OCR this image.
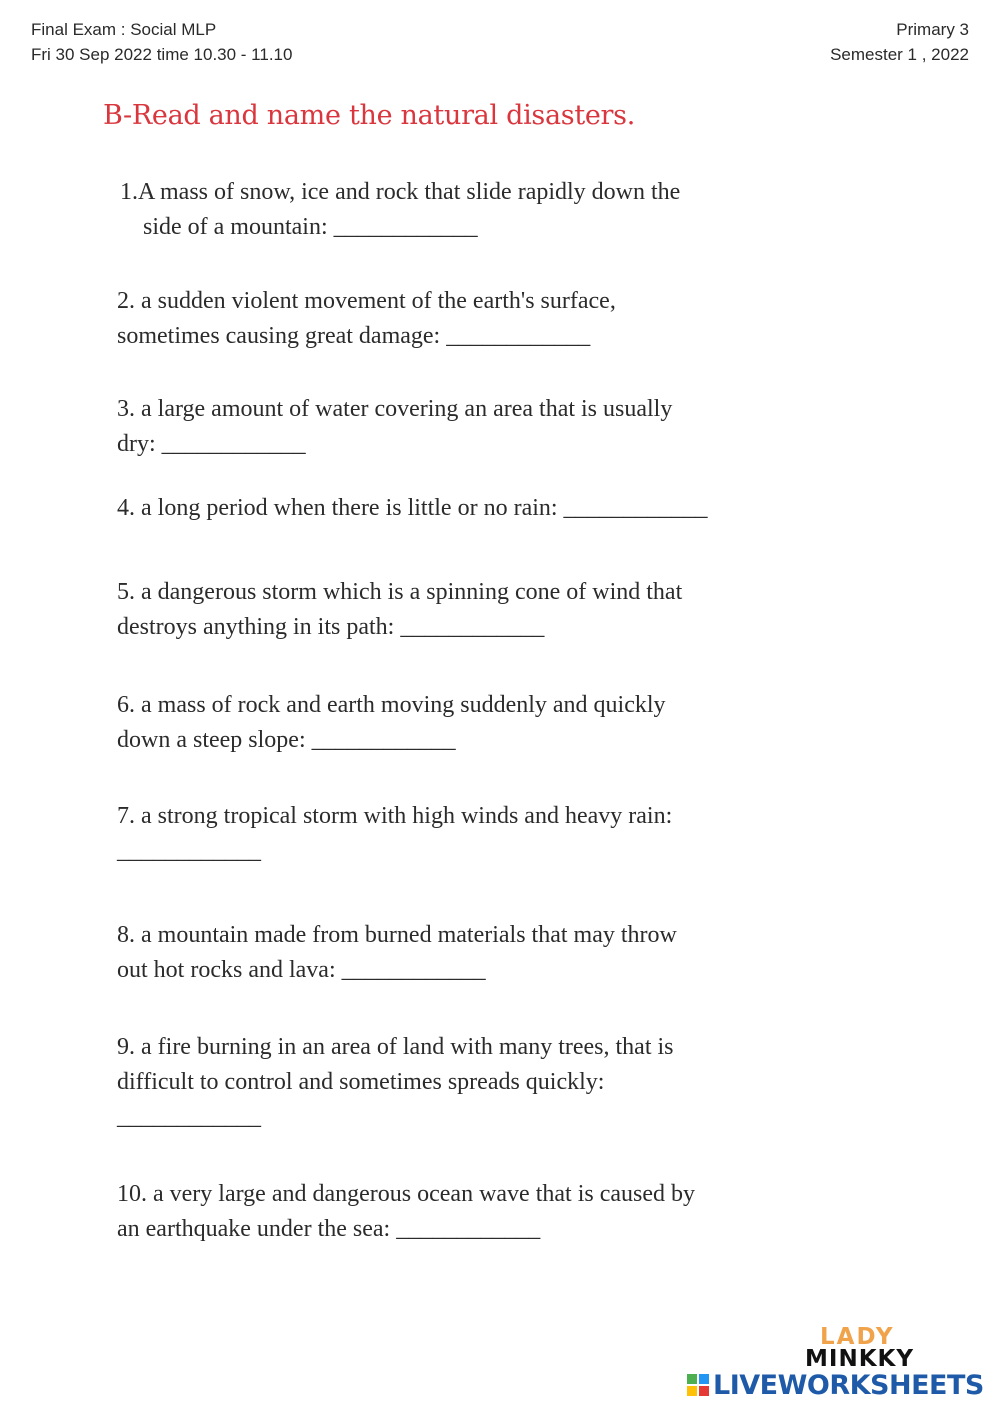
Final Exam : Social MLP
Fri 30 Sep 2022 time 10.30 - 11.10
Primary 3
Semester 1 , 2022
B-Read and name the natural disasters.
1.A mass of snow, ice and rock that slide rapidly down the
side of a mountain: ____________
2. a sudden violent movement of the earth's surface,
sometimes causing great damage: ____________
3. a large amount of water covering an area that is usually
dry: ____________
4. a long period when there is little or no rain: ____________
5. a dangerous storm which is a spinning cone of wind that
destroys anything in its path: ____________
6. a mass of rock and earth moving suddenly and quickly
down a steep slope: ____________
7. a strong tropical storm with high winds and heavy rain:
____________
8. a mountain made from burned materials that may throw
out hot rocks and lava: ____________
9. a fire burning in an area of land with many trees, that is
difficult to control and sometimes spreads quickly:
____________
10. a very large and dangerous ocean wave that is caused by
an earthquake under the sea: ____________
LADY
MINKKY
LIVEWORKSHEETS
